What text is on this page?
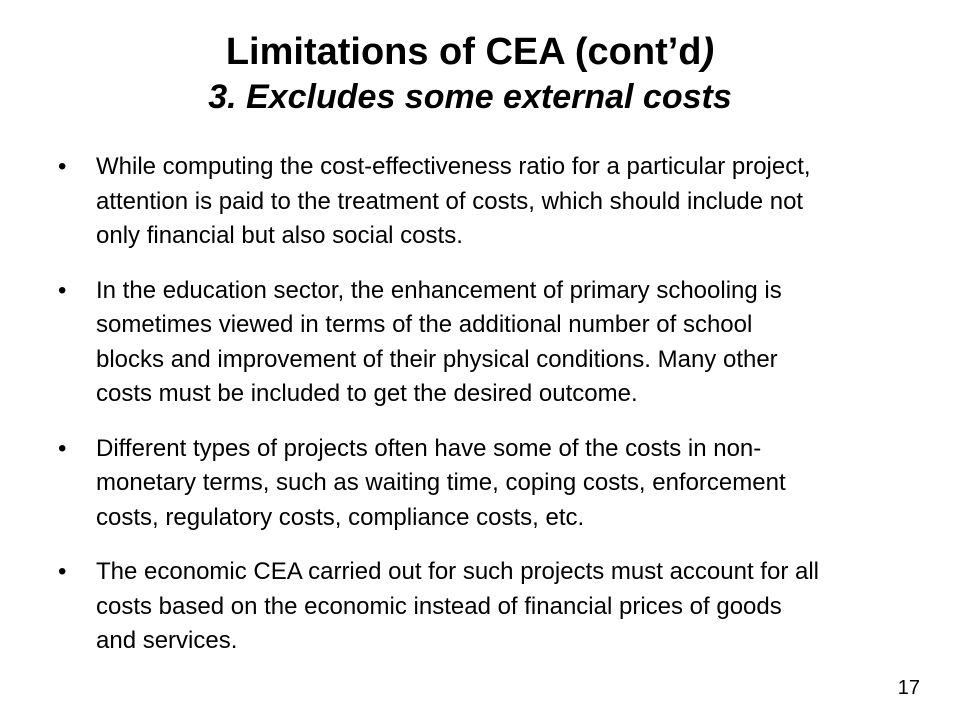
Limitations of CEA (cont’d)
3. Excludes some external costs
•	While computing the cost-effectiveness ratio for a particular project,
attention is paid to the treatment of costs, which should include not
only financial but also social costs.
•	In the education sector, the enhancement of primary schooling is
sometimes viewed in terms of the additional number of school
blocks and improvement of their physical conditions. Many other
costs must be included to get the desired outcome.
•	Different types of projects often have some of the costs in non-
monetary terms, such as waiting time, coping costs, enforcement
costs, regulatory costs, compliance costs, etc.
•	The economic CEA carried out for such projects must account for all
costs based on the economic instead of financial prices of goods
and services.
17
